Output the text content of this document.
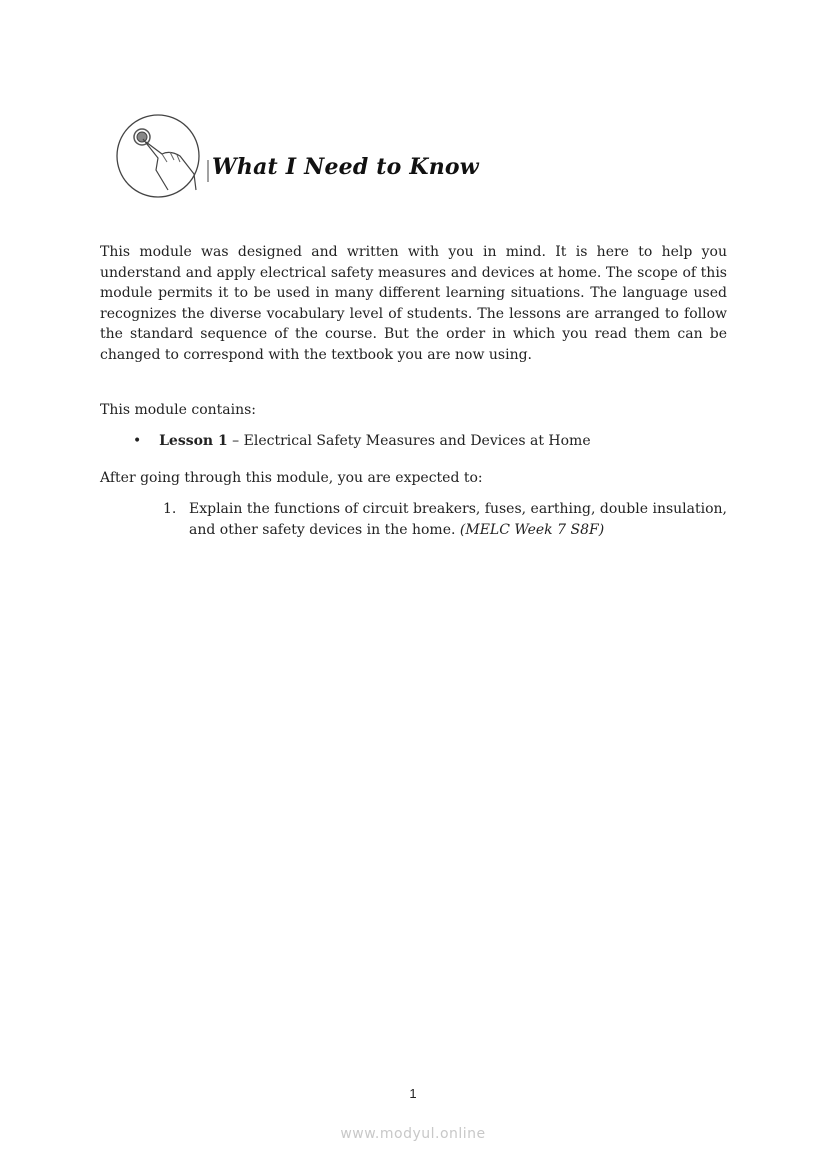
What I Need to Know
This module was designed and written with you in mind. It is here to help you understand and apply electrical safety measures and devices at home. The scope of this module permits it to be used in many different learning situations. The language used recognizes the diverse vocabulary level of students. The lessons are arranged to follow the standard sequence of the course. But the order in which you read them can be changed to correspond with the textbook you are now using.
This module contains:
• Lesson 1 – Electrical Safety Measures and Devices at Home
After going through this module, you are expected to:
1. Explain the functions of circuit breakers, fuses, earthing, double insulation, and other safety devices in the home. (MELC Week 7 S8F)
1
www.modyul.online
